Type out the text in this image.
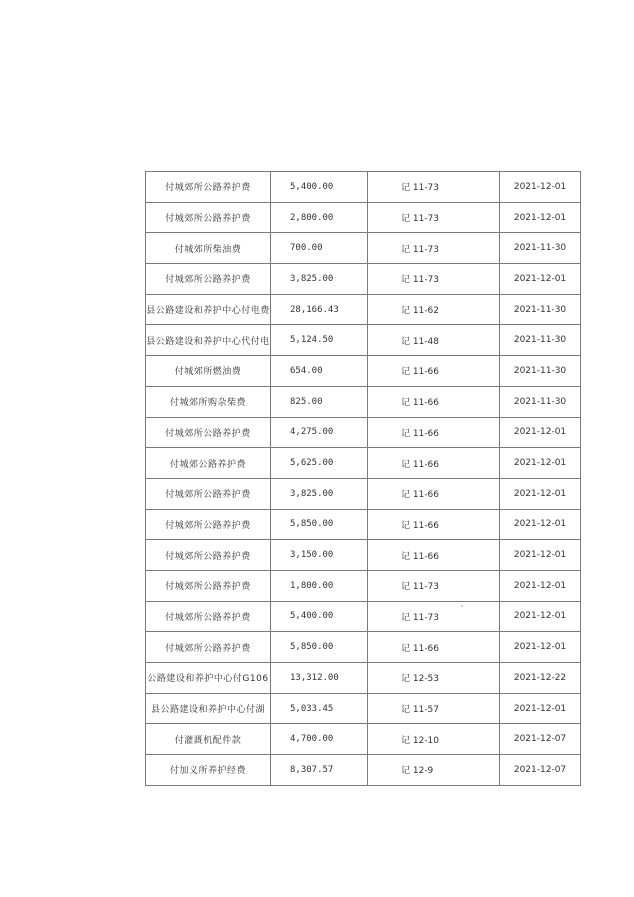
付城郊所公路养护费	5,400.00	记 11-73	2021-12-01
付城郊所公路养护费	2,800.00	记 11-73	2021-12-01
付城郊所柴油费	700.00	记 11-73	2021-11-30
付城郊所公路养护费	3,825.00	记 11-73	2021-12-01
县公路建设和养护中心付电费	28,166.43	记 11-62	2021-11-30
县公路建设和养护中心代付电	5,124.50	记 11-48	2021-11-30
付城郊所燃油费	654.00	记 11-66	2021-11-30
付城郊所购杂柴费	825.00	记 11-66	2021-11-30
付城郊所公路养护费	4,275.00	记 11-66	2021-12-01
付城郊公路养护费	5,625.00	记 11-66	2021-12-01
付城郊所公路养护费	3,825.00	记 11-66	2021-12-01
付城郊所公路养护费	5,850.00	记 11-66	2021-12-01
付城郊所公路养护费	3,150.00	记 11-66	2021-12-01
付城郊所公路养护费	1,800.00	记 11-73	2021-12-01
付城郊所公路养护费	5,400.00	记 11-73	2021-12-01
付城郊所公路养护费	5,850.00	记 11-66	2021-12-01
公路建设和养护中心付G106	13,312.00	记 12-53	2021-12-22
县公路建设和养护中心付湖	5,033.45	记 11-57	2021-12-01
付灌溉机配件款	4,700.00	记 12-10	2021-12-07
付加义所养护经费	8,307.57	记 12-9	2021-12-07
